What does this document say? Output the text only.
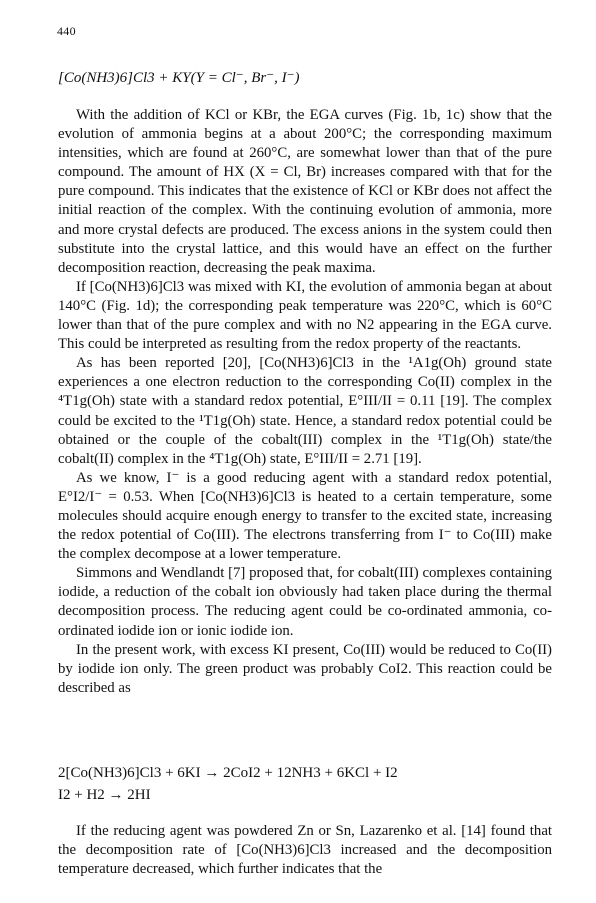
440
[Co(NH3)6]Cl3 + KY(Y = Cl⁻, Br⁻, I⁻)

With the addition of KCl or KBr, the EGA curves (Fig. 1b, 1c) show that the evolution of ammonia begins at a about 200°C; the corresponding maximum intensities, which are found at 260°C, are somewhat lower than that of the pure compound. The amount of HX (X = Cl, Br) increases compared with that for the pure compound. This indicates that the existence of KCl or KBr does not affect the initial reaction of the complex. With the continuing evolution of ammonia, more and more crystal defects are produced. The excess anions in the system could then substitute into the crystal lattice, and this would have an effect on the further decomposition reaction, decreasing the peak maxima.

If [Co(NH3)6]Cl3 was mixed with KI, the evolution of ammonia began at about 140°C (Fig. 1d); the corresponding peak temperature was 220°C, which is 60°C lower than that of the pure complex and with no N2 appearing in the EGA curve. This could be interpreted as resulting from the redox property of the reactants.

As has been reported [20], [Co(NH3)6]Cl3 in the ¹A1g(Oh) ground state experiences a one electron reduction to the corresponding Co(II) complex in the ⁴T1g(Oh) state with a standard redox potential, E°III/II = 0.11 [19]. The complex could be excited to the ¹T1g(Oh) state. Hence, a standard redox potential could be obtained or the couple of the cobalt(III) complex in the ¹T1g(Oh) state/the cobalt(II) complex in the ⁴T1g(Oh) state, E°III/II = 2.71 [19].

As we know, I⁻ is a good reducing agent with a standard redox potential, E°I2/I⁻ = 0.53. When [Co(NH3)6]Cl3 is heated to a certain temperature, some molecules should acquire enough energy to transfer to the excited state, increasing the redox potential of Co(III). The electrons transferring from I⁻ to Co(III) make the complex decompose at a lower temperature.

Simmons and Wendlandt [7] proposed that, for cobalt(III) complexes containing iodide, a reduction of the cobalt ion obviously had taken place during the thermal decomposition process. The reducing agent could be co-ordinated ammonia, co-ordinated iodide ion or ionic iodide ion.

In the present work, with excess KI present, Co(III) would be reduced to Co(II) by iodide ion only. The green product was probably CoI2. This reaction could be described as

2[Co(NH3)6]Cl3 + 6KI → 2CoI2 + 12NH3 + 6KCl + I2
I2 + H2 → 2HI

If the reducing agent was powdered Zn or Sn, Lazarenko et al. [14] found that the decomposition rate of [Co(NH3)6]Cl3 increased and the decomposition temperature decreased, which further indicates that the
